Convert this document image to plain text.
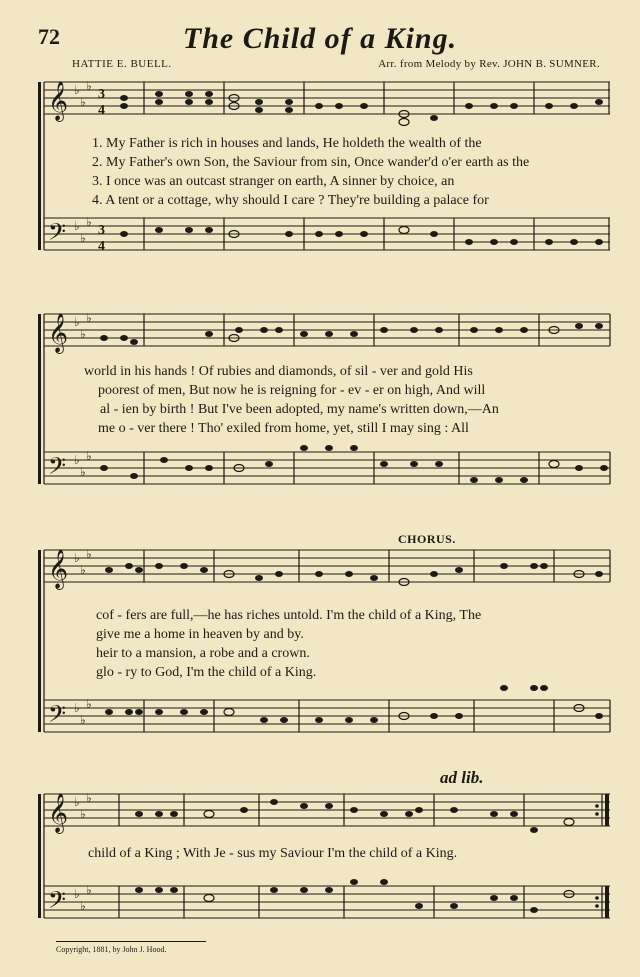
72	The Child of a King.
HATTIE E. BUELL.	Arr. from Melody by Rev. JOHN B. SUMNER.
𝄞
𝄢
♭
♭
♭
♭
♭
♭
3
4
3
4
1. My Father is rich in houses and lands, He holdeth the wealth of the
2. My Father's own Son, the Saviour from sin, Once wander'd o'er earth as the
3. I once was an outcast stranger on earth, A sinner by choice, an
4. A tent or a cottage, why should I care ? They're building a palace for
𝄞
𝄢
♭
♭
♭
♭
♭
♭
world in his hands ! Of rubies and diamonds, of sil - ver and gold His
poorest of men, But now he is reigning for - ev - er on high, And will
al - ien by birth ! But I've been adopted, my name's written down,—An
me o - ver there ! Tho' exiled from home, yet, still I may sing : All
CHORUS.
𝄞
𝄢
♭
♭
♭
♭
♭
♭
cof - fers are full,—he has riches untold. I'm the child of a King, The
give me a home in heaven by and by.
heir to a mansion, a robe and a crown.
glo - ry to God, I'm the child of a King.
ad lib.
𝄞
𝄢
♭
♭
♭
♭
♭
♭
child of a King ; With Je - sus my Saviour I'm the child of a King.
Copyright, 1881, by John J. Hood.
